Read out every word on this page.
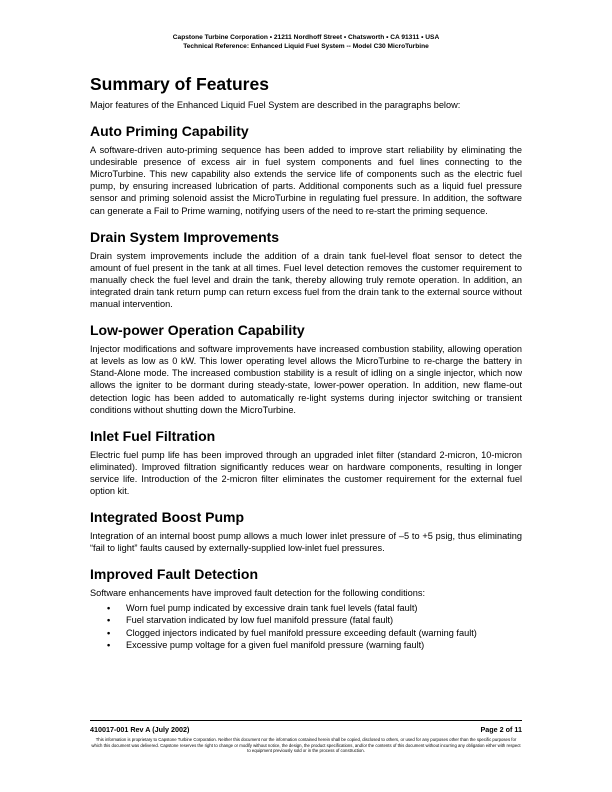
Capstone Turbine Corporation • 21211 Nordhoff Street • Chatsworth • CA 91311 • USA
Technical Reference: Enhanced Liquid Fuel System -- Model C30 MicroTurbine
Summary of Features

Major features of the Enhanced Liquid Fuel System are described in the paragraphs below:

Auto Priming Capability

A software-driven auto-priming sequence has been added to improve start reliability by eliminating the undesirable presence of excess air in fuel system components and fuel lines connecting to the MicroTurbine. This new capability also extends the service life of components such as the electric fuel pump, by ensuring increased lubrication of parts. Additional components such as a liquid fuel pressure sensor and priming solenoid assist the MicroTurbine in regulating fuel pressure. In addition, the software can generate a Fail to Prime warning, notifying users of the need to re-start the priming sequence.

Drain System Improvements

Drain system improvements include the addition of a drain tank fuel-level float sensor to detect the amount of fuel present in the tank at all times. Fuel level detection removes the customer requirement to manually check the fuel level and drain the tank, thereby allowing truly remote operation. In addition, an integrated drain tank return pump can return excess fuel from the drain tank to the external source without manual intervention.

Low-power Operation Capability

Injector modifications and software improvements have increased combustion stability, allowing operation at levels as low as 0 kW. This lower operating level allows the MicroTurbine to re-charge the battery in Stand-Alone mode. The increased combustion stability is a result of idling on a single injector, which now allows the igniter to be dormant during steady-state, lower-power operation. In addition, new flame-out detection logic has been added to automatically re-light systems during injector switching or transient conditions without shutting down the MicroTurbine.

Inlet Fuel Filtration

Electric fuel pump life has been improved through an upgraded inlet filter (standard 2-micron, 10-micron eliminated). Improved filtration significantly reduces wear on hardware components, resulting in longer service life. Introduction of the 2-micron filter eliminates the customer requirement for the external fuel option kit.

Integrated Boost Pump

Integration of an internal boost pump allows a much lower inlet pressure of –5 to +5 psig, thus eliminating “fail to light” faults caused by externally-supplied low-inlet fuel pressures.

Improved Fault Detection

Software enhancements have improved fault detection for the following conditions:

• Worn fuel pump indicated by excessive drain tank fuel levels (fatal fault)
• Fuel starvation indicated by low fuel manifold pressure (fatal fault)
• Clogged injectors indicated by fuel manifold pressure exceeding default (warning fault)
• Excessive pump voltage for a given fuel manifold pressure (warning fault)
410017-001 Rev A (July 2002)	Page 2 of 11
This information is proprietary to Capstone Turbine Corporation. Neither this document nor the information contained herein shall be copied, disclosed to others, or used for any purposes other than the specific purposes for which this document was delivered. Capstone reserves the right to change or modify without notice, the design, the product specifications, and/or the contents of this document without incurring any obligation either with respect to equipment previously sold or in the process of construction.
